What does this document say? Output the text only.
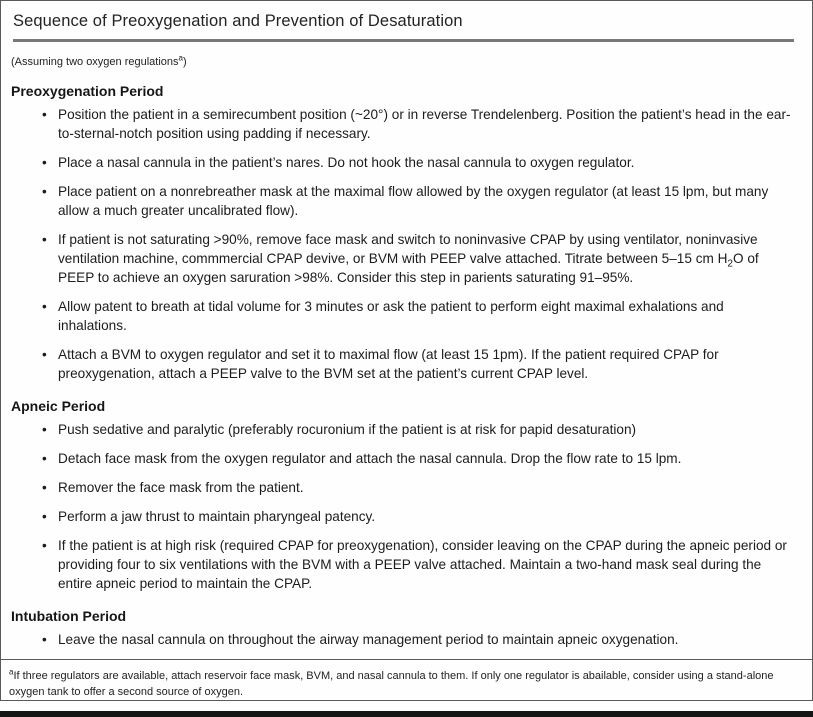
Sequence of Preoxygenation and Prevention of Desaturation
(Assuming two oxygen regulations$^a$)
Preoxygenation Period
• Position the patient in a semirecumbent position (~20°) or in reverse Trendelenberg. Position the patient’s head in the ear-to-sternal-notch position using padding if necessary.
• Place a nasal cannula in the patient’s nares. Do not hook the nasal cannula to oxygen regulator.
• Place patient on a nonrebreather mask at the maximal flow allowed by the oxygen regulator (at least 15 lpm, but many allow a much greater uncalibrated flow).
• If patient is not saturating >90%, remove face mask and switch to noninvasive CPAP by using ventilator, noninvasive ventilation machine, commmercial CPAP devive, or BVM with PEEP valve attached. Titrate between 5–15 cm $H_2O$ of PEEP to achieve an oxygen saruration >98%. Consider this step in parients saturating 91–95%.
• Allow patent to breath at tidal volume for 3 minutes or ask the patient to perform eight maximal exhalations and inhalations.
• Attach a BVM to oxygen regulator and set it to maximal flow (at least 15 1pm). If the patient required CPAP for preoxygenation, attach a PEEP valve to the BVM set at the patient’s current CPAP level.
Apneic Period
• Push sedative and paralytic (preferably rocuronium if the patient is at risk for papid desaturation)
• Detach face mask from the oxygen regulator and attach the nasal cannula. Drop the flow rate to 15 lpm.
• Remover the face mask from the patient.
• Perform a jaw thrust to maintain pharyngeal patency.
• If the patient is at high risk (required CPAP for preoxygenation), consider leaving on the CPAP during the apneic period or providing four to six ventilations with the BVM with a PEEP valve attached. Maintain a two-hand mask seal during the entire apneic period to maintain the CPAP.
Intubation Period
• Leave the nasal cannula on throughout the airway management period to maintain apneic oxygenation.
$^a$If three regulators are available, attach reservoir face mask, BVM, and nasal cannula to them. If only one regulator is abailable, consider using a stand-alone oxygen tank to offer a second source of oxygen.
